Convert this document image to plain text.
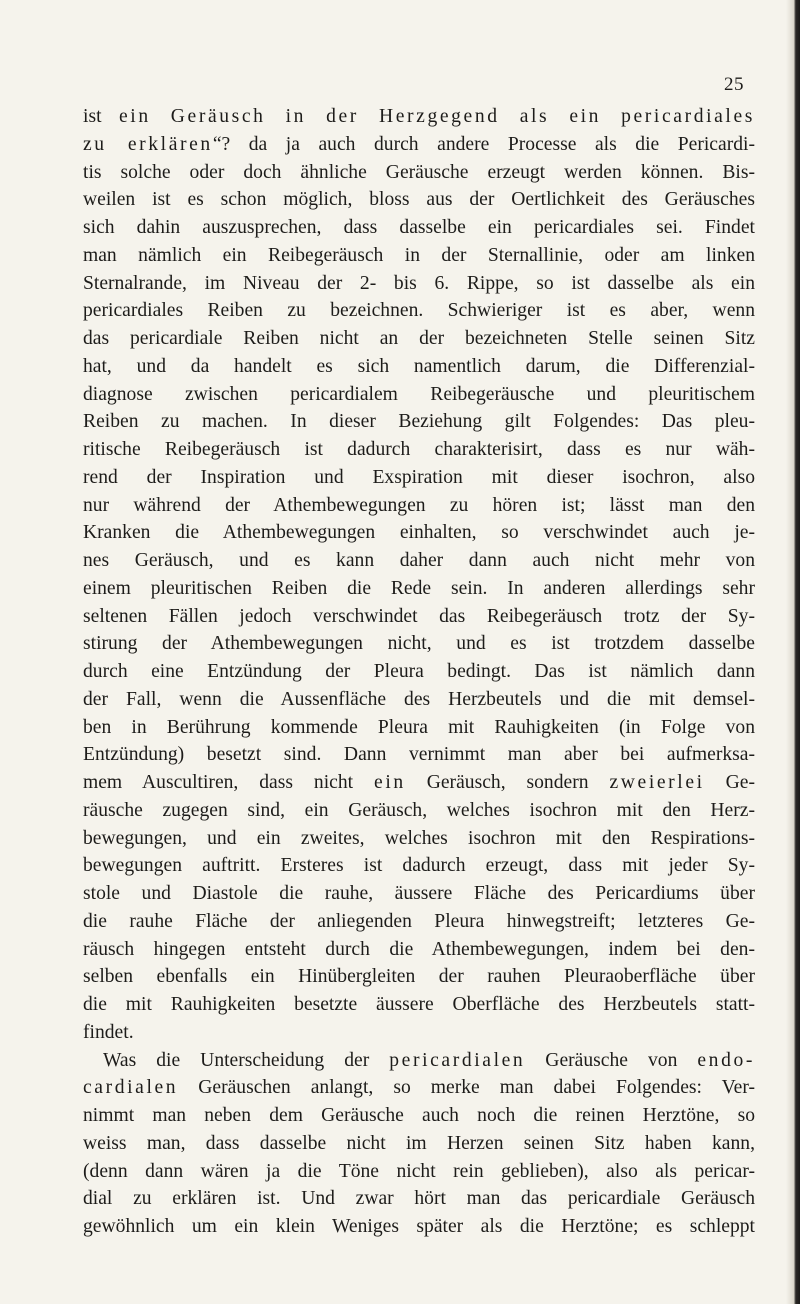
25
ist ein Geräusch in der Herzgegend als ein pericardiales
zu erklären“? da ja auch durch andere Processe als die Pericardi-
tis solche oder doch ähnliche Geräusche erzeugt werden können. Bis-
weilen ist es schon möglich, bloss aus der Oertlichkeit des Geräusches
sich dahin auszusprechen, dass dasselbe ein pericardiales sei. Findet
man nämlich ein Reibegeräusch in der Sternallinie, oder am linken
Sternalrande, im Niveau der 2- bis 6. Rippe, so ist dasselbe als ein
pericardiales Reiben zu bezeichnen. Schwieriger ist es aber, wenn
das pericardiale Reiben nicht an der bezeichneten Stelle seinen Sitz
hat, und da handelt es sich namentlich darum, die Differenzial-
diagnose zwischen pericardialem Reibegeräusche und pleuritischem
Reiben zu machen. In dieser Beziehung gilt Folgendes: Das pleu-
ritische Reibegeräusch ist dadurch charakterisirt, dass es nur wäh-
rend der Inspiration und Exspiration mit dieser isochron, also
nur während der Athembewegungen zu hören ist; lässt man den
Kranken die Athembewegungen einhalten, so verschwindet auch je-
nes Geräusch, und es kann daher dann auch nicht mehr von
einem pleuritischen Reiben die Rede sein. In anderen allerdings sehr
seltenen Fällen jedoch verschwindet das Reibegeräusch trotz der Sy-
stirung der Athembewegungen nicht, und es ist trotzdem dasselbe
durch eine Entzündung der Pleura bedingt. Das ist nämlich dann
der Fall, wenn die Aussenfläche des Herzbeutels und die mit demsel-
ben in Berührung kommende Pleura mit Rauhigkeiten (in Folge von
Entzündung) besetzt sind. Dann vernimmt man aber bei aufmerksa-
mem Auscultiren, dass nicht ein Geräusch, sondern zweierlei Ge-
räusche zugegen sind, ein Geräusch, welches isochron mit den Herz-
bewegungen, und ein zweites, welches isochron mit den Respirations-
bewegungen auftritt. Ersteres ist dadurch erzeugt, dass mit jeder Sy-
stole und Diastole die rauhe, äussere Fläche des Pericardiums über
die rauhe Fläche der anliegenden Pleura hinwegstreift; letzteres Ge-
räusch hingegen entsteht durch die Athembewegungen, indem bei den-
selben ebenfalls ein Hinübergleiten der rauhen Pleuraoberfläche über
die mit Rauhigkeiten besetzte äussere Oberfläche des Herzbeutels statt-
findet.
Was die Unterscheidung der pericardialen Geräusche von endo-
cardialen Geräuschen anlangt, so merke man dabei Folgendes: Ver-
nimmt man neben dem Geräusche auch noch die reinen Herztöne, so
weiss man, dass dasselbe nicht im Herzen seinen Sitz haben kann,
(denn dann wären ja die Töne nicht rein geblieben), also als pericar-
dial zu erklären ist. Und zwar hört man das pericardiale Geräusch
gewöhnlich um ein klein Weniges später als die Herztöne; es schleppt
